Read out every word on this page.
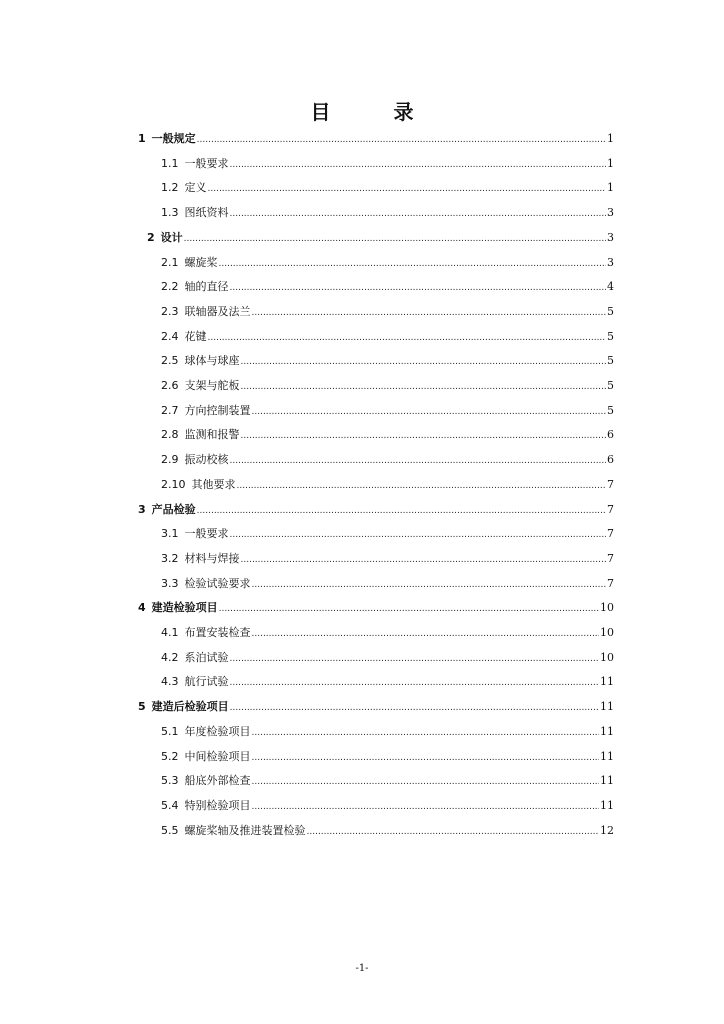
目 录
1 一般规定 .....	1
1.1 一般要求 .....	1
1.2 定义 .....	1
1.3 图纸资料 .....	3
2 设计 .....	3
2.1 螺旋桨 .....	3
2.2 轴的直径 .....	4
2.3 联轴器及法兰 .....	5
2.4 花键 .....	5
2.5 球体与球座 .....	5
2.6 支架与舵板 .....	5
2.7 方向控制装置 .....	5
2.8 监测和报警 .....	6
2.9 振动校核 .....	6
2.10 其他要求 .....	7
3 产品检验 .....	7
3.1 一般要求 .....	7
3.2 材料与焊接 .....	7
3.3 检验试验要求 .....	7
4 建造检验项目 .....	10
4.1 布置安装检查 .....	10
4.2 系泊试验 .....	10
4.3 航行试验 .....	11
5 建造后检验项目 .....	11
5.1 年度检验项目 .....	11
5.2 中间检验项目 .....	11
5.3 船底外部检查 .....	11
5.4 特别检验项目 .....	11
5.5 螺旋桨轴及推进装置检验 .....	12
-1-
